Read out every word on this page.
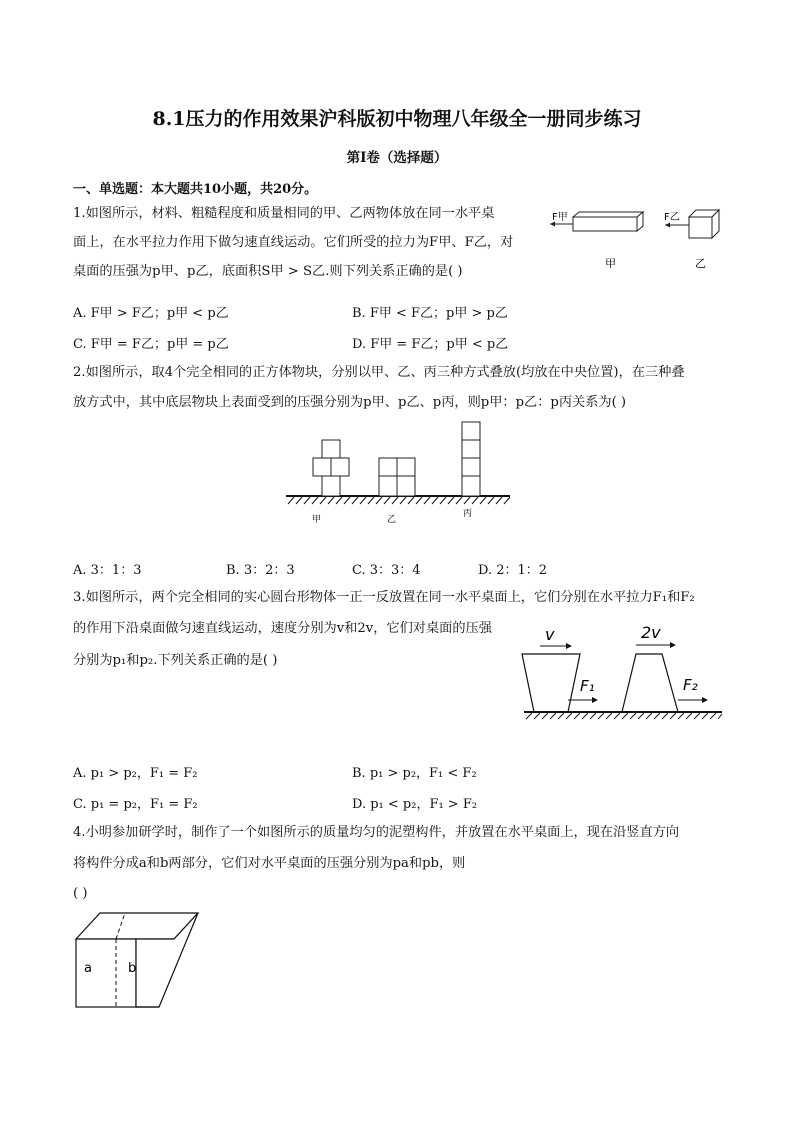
8.1压力的作用效果沪科版初中物理八年级全一册同步练习
第Ⅰ卷（选择题）
一、单选题：本大题共10小题，共20分。
1.如图所示，材料、粗糙程度和质量相同的甲、乙两物体放在同一水平桌
面上，在水平拉力作用下做匀速直线运动。它们所受的拉力为F甲、F乙，对
桌面的压强为p甲、p乙，底面积S甲 > S乙.则下列关系正确的是( )
F甲	F乙
甲	乙
A. F甲 > F乙；p甲 < p乙	B. F甲 < F乙；p甲 > p乙
C. F甲 = F乙；p甲 = p乙	D. F甲 = F乙；p甲 < p乙
2.如图所示，取4个完全相同的正方体物块，分别以甲、乙、丙三种方式叠放(均放在中央位置)，在三种叠
放方式中，其中底层物块上表面受到的压强分别为p甲、p乙、p丙，则p甲：p乙：p丙关系为( )
甲	乙
丙
A. 3：1：3	B. 3：2：3	C. 3：3：4	D. 2：1：2
3.如图所示，两个完全相同的实心圆台形物体一正一反放置在同一水平桌面上，它们分别在水平拉力F₁和F₂
的作用下沿桌面做匀速直线运动，速度分别为v和2v，它们对桌面的压强
分别为p₁和p₂.下列关系正确的是( )
v	2v
F₁	F₂
A. p₁ > p₂，F₁ = F₂	B. p₁ > p₂，F₁ < F₂
C. p₁ = p₂，F₁ = F₂	D. p₁ < p₂，F₁ > F₂
4.小明参加研学时，制作了一个如图所示的质量均匀的泥塑构件，并放置在水平桌面上，现在沿竖直方向
将构件分成a和b两部分，它们对水平桌面的压强分别为pa和pb，则
( )
a	b
